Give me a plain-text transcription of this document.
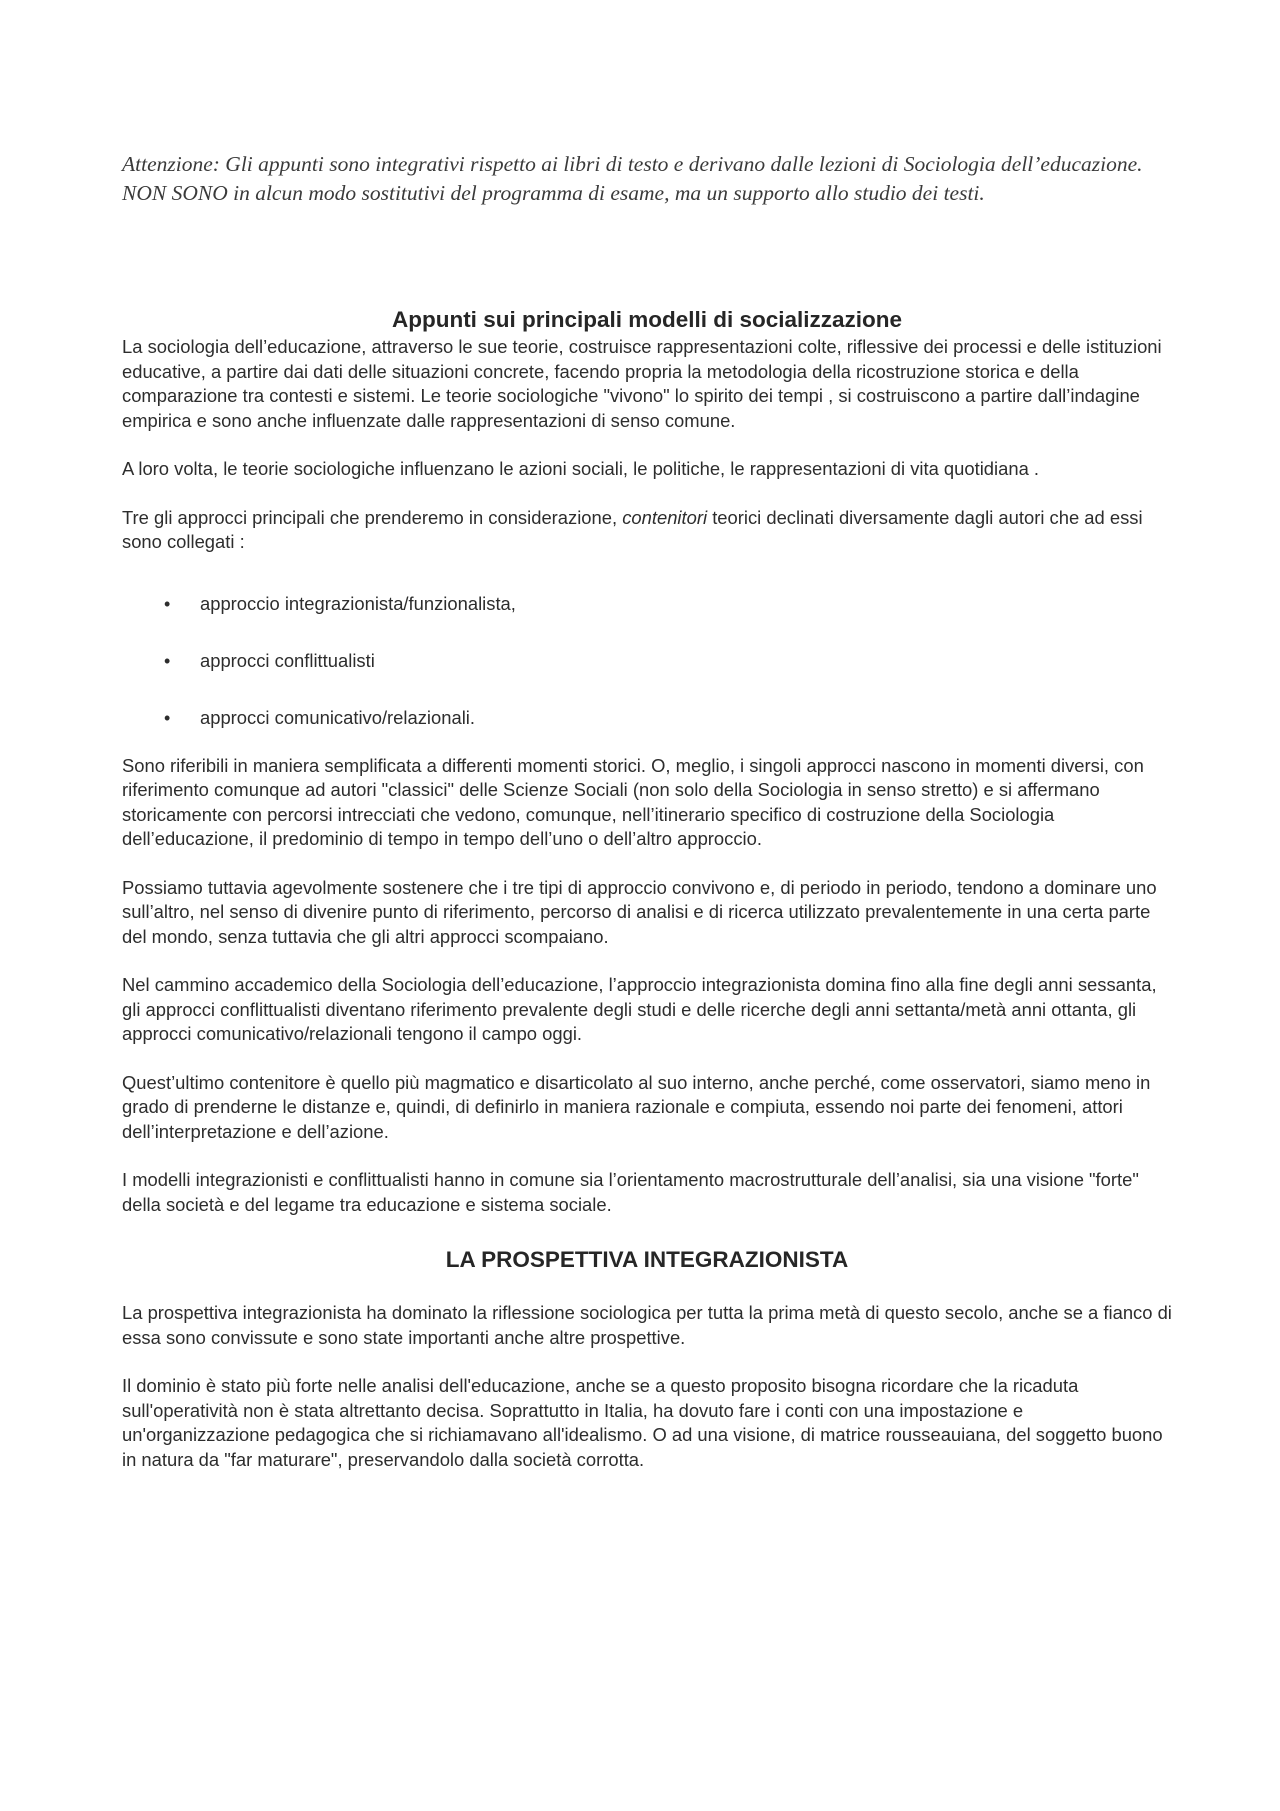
Attenzione: Gli appunti sono integrativi rispetto ai libri di testo e derivano dalle lezioni di Sociologia dell’educazione. NON SONO in alcun modo sostitutivi del programma di esame, ma un supporto allo studio dei testi.

Appunti sui principali modelli di socializzazione

La sociologia dell’educazione, attraverso le sue teorie, costruisce rappresentazioni colte, riflessive dei processi e delle istituzioni educative, a partire dai dati delle situazioni concrete, facendo propria la metodologia della ricostruzione storica e della comparazione tra contesti e sistemi. Le teorie sociologiche "vivono" lo spirito dei tempi , si costruiscono a partire dall’indagine empirica e sono anche influenzate dalle rappresentazioni di senso comune.

A loro volta, le teorie sociologiche influenzano le azioni sociali, le politiche, le rappresentazioni di vita quotidiana .

Tre gli approcci principali che prenderemo in considerazione, contenitori teorici declinati diversamente dagli autori che ad essi sono collegati :

• approccio integrazionista/funzionalista,
• approcci conflittualisti
• approcci comunicativo/relazionali.

Sono riferibili in maniera semplificata a differenti momenti storici. O, meglio, i singoli approcci nascono in momenti diversi, con riferimento comunque ad autori "classici" delle Scienze Sociali (non solo della Sociologia in senso stretto) e si affermano storicamente con percorsi intrecciati che vedono, comunque, nell’itinerario specifico di costruzione della Sociologia dell’educazione, il predominio di tempo in tempo dell’uno o dell’altro approccio.

Possiamo tuttavia agevolmente sostenere che i tre tipi di approccio convivono e, di periodo in periodo, tendono a dominare uno sull’altro, nel senso di divenire punto di riferimento, percorso di analisi e di ricerca utilizzato prevalentemente in una certa parte del mondo, senza tuttavia che gli altri approcci scompaiano.

Nel cammino accademico della Sociologia dell’educazione, l’approccio integrazionista domina fino alla fine degli anni sessanta, gli approcci conflittualisti diventano riferimento prevalente degli studi e delle ricerche degli anni settanta/metà anni ottanta, gli approcci comunicativo/relazionali tengono il campo oggi.

Quest’ultimo contenitore è quello più magmatico e disarticolato al suo interno, anche perché, come osservatori, siamo meno in grado di prenderne le distanze e, quindi, di definirlo in maniera razionale e compiuta, essendo noi parte dei fenomeni, attori dell’interpretazione e dell’azione.

I modelli integrazionisti e conflittualisti hanno in comune sia l’orientamento macrostrutturale dell’analisi, sia una visione "forte" della società e del legame tra educazione e sistema sociale.

LA PROSPETTIVA INTEGRAZIONISTA

La prospettiva integrazionista ha dominato la riflessione sociologica per tutta la prima metà di questo secolo, anche se a fianco di essa sono convissute e sono state importanti anche altre prospettive.

Il dominio è stato più forte nelle analisi dell'educazione, anche se a questo proposito bisogna ricordare che la ricaduta sull'operatività non è stata altrettanto decisa. Soprattutto in Italia, ha dovuto fare i conti con una impostazione e un'organizzazione pedagogica che si richiamavano all'idealismo. O ad una visione, di matrice rousseauiana, del soggetto buono in natura da "far maturare", preservandolo dalla società corrotta.
